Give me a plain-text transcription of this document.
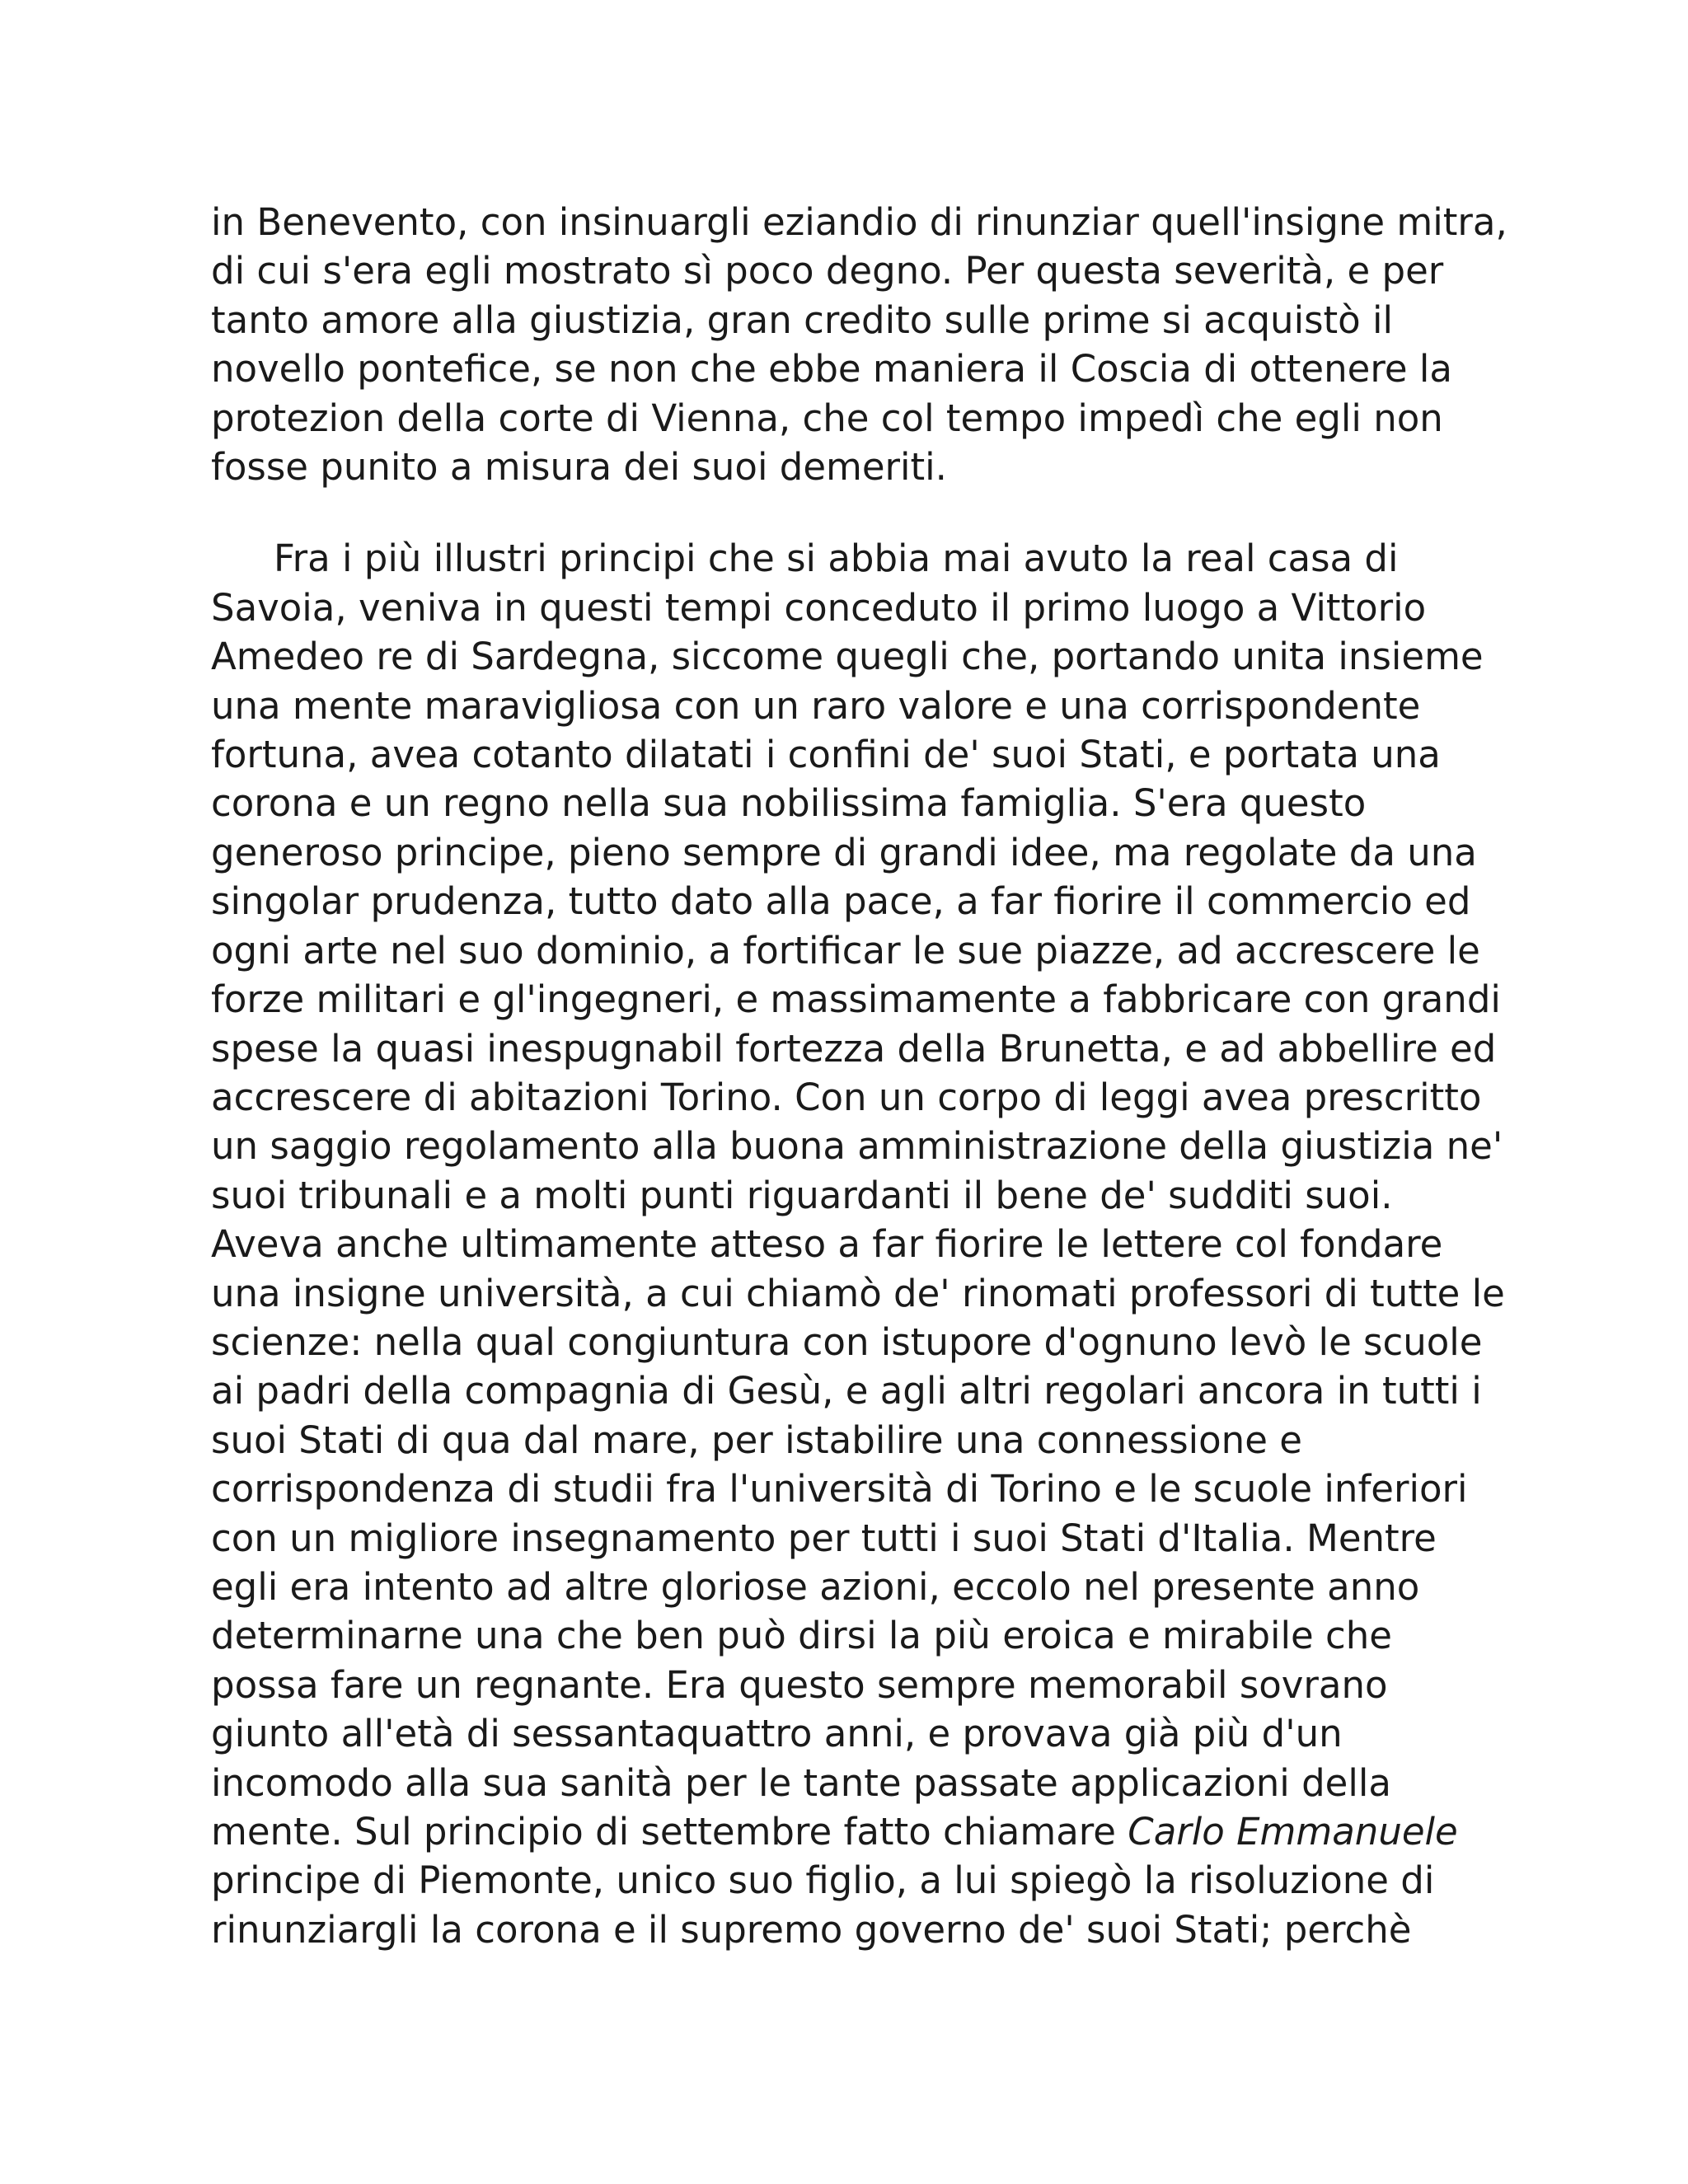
in Benevento, con insinuargli eziandio di rinunziar quell'insigne mitra,
di cui s'era egli mostrato sì poco degno. Per questa severità, e per
tanto amore alla giustizia, gran credito sulle prime si acquistò il
novello pontefice, se non che ebbe maniera il Coscia di ottenere la
protezion della corte di Vienna, che col tempo impedì che egli non
fosse punito a misura dei suoi demeriti.
Fra i più illustri principi che si abbia mai avuto la real casa di
Savoia, veniva in questi tempi conceduto il primo luogo a Vittorio
Amedeo re di Sardegna, siccome quegli che, portando unita insieme
una mente maravigliosa con un raro valore e una corrispondente
fortuna, avea cotanto dilatati i confini de' suoi Stati, e portata una
corona e un regno nella sua nobilissima famiglia. S'era questo
generoso principe, pieno sempre di grandi idee, ma regolate da una
singolar prudenza, tutto dato alla pace, a far fiorire il commercio ed
ogni arte nel suo dominio, a fortificar le sue piazze, ad accrescere le
forze militari e gl'ingegneri, e massimamente a fabbricare con grandi
spese la quasi inespugnabil fortezza della Brunetta, e ad abbellire ed
accrescere di abitazioni Torino. Con un corpo di leggi avea prescritto
un saggio regolamento alla buona amministrazione della giustizia ne'
suoi tribunali e a molti punti riguardanti il bene de' sudditi suoi.
Aveva anche ultimamente atteso a far fiorire le lettere col fondare
una insigne università, a cui chiamò de' rinomati professori di tutte le
scienze: nella qual congiuntura con istupore d'ognuno levò le scuole
ai padri della compagnia di Gesù, e agli altri regolari ancora in tutti i
suoi Stati di qua dal mare, per istabilire una connessione e
corrispondenza di studii fra l'università di Torino e le scuole inferiori
con un migliore insegnamento per tutti i suoi Stati d'Italia. Mentre
egli era intento ad altre gloriose azioni, eccolo nel presente anno
determinarne una che ben può dirsi la più eroica e mirabile che
possa fare un regnante. Era questo sempre memorabil sovrano
giunto all'età di sessantaquattro anni, e provava già più d'un
incomodo alla sua sanità per le tante passate applicazioni della
mente. Sul principio di settembre fatto chiamare Carlo Emmanuele
principe di Piemonte, unico suo figlio, a lui spiegò la risoluzione di
rinunziargli la corona e il supremo governo de' suoi Stati; perchè
